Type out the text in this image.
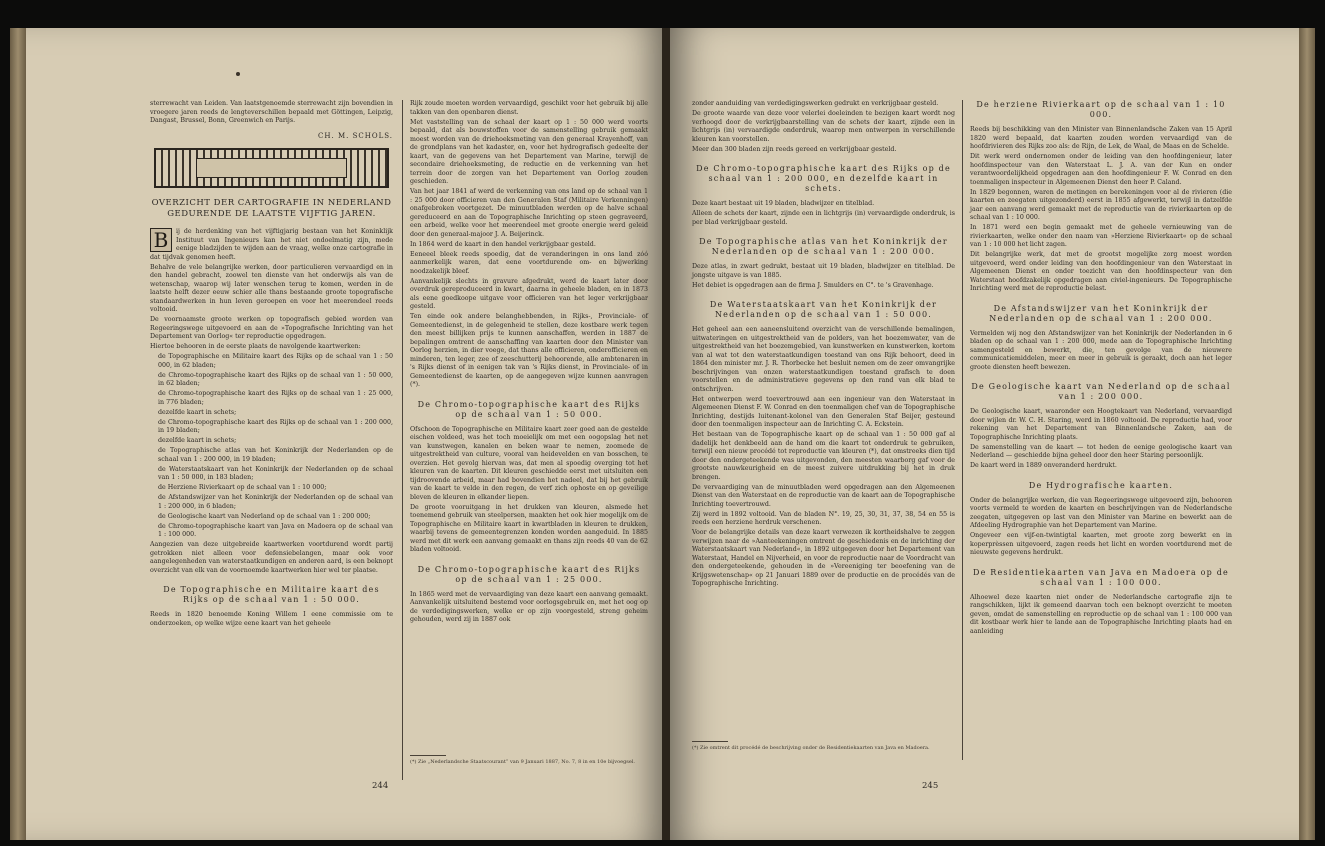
sterrewacht van Leiden. Van laatstgenoemde sterrewacht zijn bovendien in vroegere jaren reeds de lengteverschillen bepaald met Göttingen, Leipzig, Dangast, Brussel, Bonn, Greenwich en Parijs.

CH. M. SCHOLS.
OVERZICHT DER CARTOGRAFIE IN NEDERLAND GEDURENDE DE LAATSTE VIJFTIG JAREN.
B	ij de herdenking van het vijftigjarig bestaan van het Koninklijk Instituut van Ingenieurs kan het niet ondoelmatig zijn, mede eenige bladzijden te wijden aan de vraag, welke onze cartografie in dat tijdvak genomen heeft.

Behalve de vele belangrijke werken, door particulieren vervaardigd en in den handel gebracht, zoowel ten dienste van het onderwijs als van de wetenschap, waarop wij later wenschen terug te komen, werden in de laatste helft dezer eeuw schier alle thans bestaande groote topografische standaardwerken in hun leven geroepen en voor het meerendeel reeds voltooid.

De voornaamste groote werken op topografisch gebied worden van Regeeringswege uitgevoerd en aan de »Topografische Inrichting van het Departement van Oorlog« ter reproductie opgedragen.

Hiertoe behooren in de eerste plaats de navolgende kaartwerken:

de Topographische en Militaire kaart des Rijks op de schaal van 1 : 50 000, in 62 bladen;

de Chromo-topographische kaart des Rijks op de schaal van 1 : 50 000, in 62 bladen;

de Chromo-topographische kaart des Rijks op de schaal van 1 : 25 000, in 776 bladen;

dezelfde kaart in schets;

de Chromo-topographische kaart des Rijks op de schaal van 1 : 200 000, in 19 bladen;

dezelfde kaart in schets;

de Topographische atlas van het Koninkrijk der Nederlanden op de schaal van 1 : 200 000, in 19 bladen;

de Waterstaatskaart van het Koninkrijk der Nederlanden op de schaal van 1 : 50 000, in 183 bladen;

de Herziene Rivierkaart op de schaal van 1 : 10 000;

de Afstandswijzer van het Koninkrijk der Nederlanden op de schaal van 1 : 200 000, in 6 bladen;

de Geologische kaart van Nederland op de schaal van 1 : 200 000;

de Chromo-topographische kaart van Java en Madoera op de schaal van 1 : 100 000.

Aangezien van deze uitgebreide kaartwerken voortdurend wordt partij getrokken niet alleen voor defensiebelangen, maar ook voor aangelegenheden van waterstaatkundigen en anderen aard, is een beknopt overzicht van elk van de voornoemde kaartwerken hier wel ter plaatse.

De Topographische en Militaire kaart des Rijks op de schaal van 1 : 50 000.

Reeds in 1820 benoemde Koning Willem I eene commissie om te onderzoeken, op welke wijze eene kaart van het geheele

Rijk zoude moeten worden vervaardigd, geschikt voor het gebruik bij alle takken van den openbaren dienst.

Met vaststelling van de schaal der kaart op 1 : 50 000 werd voorts bepaald, dat als bouwstoffen voor de samenstelling gebruik gemaakt moest worden van de driehoeksmeting van den generaal Krayenhoff, van de grondplans van het kadaster, en, voor het hydrografisch gedeelte der kaart, van de gegevens van het Departement van Marine, terwijl de secondaire driehoeksmeting, de reductie en de verkenning van het terrein door de zorgen van het Departement van Oorlog zouden geschieden.

Van het jaar 1841 af werd de verkenning van ons land op de schaal van 1 : 25 000 door officieren van den Generalen Staf (Militaire Verkenningen) onafgebroken voortgezet. De minuutbladen werden op de halve schaal gereduceerd en aan de Topographische Inrichting op steen gegraveerd, een arbeid, welke voor het meerendeel met groote energie werd geleid door den generaal-majoor J. A. Beijerinck.

In 1864 werd de kaart in den handel verkrijgbaar gesteld.

Eeneeel bleek reeds spoedig, dat de veranderingen in ons land zóó aanmerkelijk waren, dat eene voortdurende om- en bijwerking noodzakelijk bleef.

Aanvankelijk slechts in gravure afgedrukt, werd de kaart later door overdruk gereproduceerd in kwart, daarna in geheele bladen, en in 1873 als eene goedkoope uitgave voor officieren van het leger verkrijgbaar gesteld.

Ten einde ook andere belanghebbenden, in Rijks-, Provinciale- of Gemeentedienst, in de gelegenheid te stellen, deze kostbare werk tegen den meest billijken prijs te kunnen aanschaffen, werden in 1887 de bepalingen omtrent de aanschaffing van kaarten door den Minister van Oorlog herzien, in dier voege, dat thans alle officieren, onderofficieren en minderen, ten leger, zee of zeeschutterij behoorende, alle ambtenaren in 's Rijks dienst of in eenigen tak van 's Rijks dienst, in Provinciale- of in Gemeentedienst de kaarten, op de aangegeven wijze kunnen aanvragen (*).

De Chromo-topographische kaart des Rijks op de schaal van 1 : 50 000.

Ofschoon de Topographische en Militaire kaart zeer goed aan de gestelde eischen voldeed, was het toch moeielijk om met een oogopslag het net van kunstwegen, kanalen en beken waar te nemen, zoomede de uitgestrektheid van culture, vooral van heidevelden en van bosschen, te overzien. Het gevolg hiervan was, dat men al spoedig overging tot het kleuren van de kaarten. Dit kleuren geschiedde eerst met uitsluiten een tijdroovende arbeid, maar had bovendien het nadeel, dat bij het gebruik van de kaart te velde in den regen, de verf zich ophoste en op geveilige bleven de kleuren in elkander liepen.

De groote vooruitgang in het drukken van kleuren, alsmede het toenemend gebruik van steelpersen, maakten het ook hier mogelijk om de Topographische en Militaire kaart in kwartbladen in kleuren te drukken, waarbij tevens de gemeentegrenzen konden worden aangeduid. In 1885 werd met dit werk een aanvang gemaakt en thans zijn reeds 40 van de 62 bladen voltooid.

De Chromo-topographische kaart des Rijks op de schaal van 1 : 25 000.

In 1865 werd met de vervaardiging van deze kaart een aanvang gemaakt. Aanvankelijk uitsluitend bestemd voor oorlogsgebruik en, met het oog op de verdedigingswerken, welke er op zijn voorgesteld, streng geheim gehouden, werd zij in 1887 ook

(*) Zie „Nederlandsche Staatscourant” van 9 Januari 1887, No. 7, 8 in en 10e bijvoegsel.
244

zonder aanduiding van verdedigingswerken gedrukt en verkrijgbaar gesteld.

De groote waarde van deze voor velerlei doeleinden te bezigen kaart wordt nog verhoogd door de verkrijgbaarstelling van de schets der kaart, zijnde een in lichtgrijs (in) vervaardigde onderdruk, waarop men ontwerpen in verschillende kleuren kan voorstellen.

Meer dan 300 bladen zijn reeds gereed en verkrijgbaar gesteld.

De Chromo-topographische kaart des Rijks op de schaal van 1 : 200 000, en dezelfde kaart in schets.

Deze kaart bestaat uit 19 bladen, bladwijzer en titelblad.

Alleen de schets der kaart, zijnde een in lichtgrijs (in) vervaardigde onderdruk, is per blad verkrijgbaar gesteld.

De Topographische atlas van het Koninkrijk der Nederlanden op de schaal van 1 : 200 000.

Deze atlas, in zwart gedrukt, bestaat uit 19 bladen, bladwijzer en titelblad. De jongste uitgave is van 1885.

Het debiet is opgedragen aan de firma J. Smulders en C°. te 's Gravenhage.

De Waterstaatskaart van het Koninkrijk der Nederlanden op de schaal van 1 : 50 000.

Het geheel aan een aaneensluitend overzicht van de verschillende bemalingen, uitwateringen en uitgestrektheid van de polders, van het boezemwater, van de uitgestrektheid van het boezemgebied, van kunstwerken en kunstwerken, kortom van al wat tot den waterstaatkundigen toestand van ons Rijk behoort, deed in 1864 den minister mr. J. R. Thorbecke het besluit nemen om de zeer omvangrijke beschrijvingen van onzen waterstaatkundigen toestand grafisch te doen voorstellen en de administratieve gegevens op den rand van elk blad te ontschrijven.

Het ontwerpen werd toevertrouwd aan een ingenieur van den Waterstaat in Algemeenen Dienst F. W. Conrad en den toenmaligen chef van de Topographische Inrichting, destijds luitenant-kolonel van den Generalen Staf Beijer, gesteund door den toenmaligen inspecteur aan de Inrichting C. A. Eckstein.

Het bestaan van de Topographische kaart op de schaal van 1 : 50 000 gaf al dadelijk het denkbeeld aan de hand om die kaart tot onderdruk te gebruiken, terwijl een nieuw procédé tot reproductie van kleuren (*), dat omstreeks dien tijd door den ondergeteekende was uitgevonden, den meesten waarborg gaf voor de grootste nauwkeurigheid en de meest zuivere uitdrukking bij het in druk brengen.

De vervaardiging van de minuutbladen werd opgedragen aan den Algemeenen Dienst van den Waterstaat en de reproductie van de kaart aan de Topographische Inrichting toevertrouwd.

Zij werd in 1892 voltooid. Van de bladen N°. 19, 25, 30, 31, 37, 38, 54 en 55 is reeds een herziene herdruk verschenen.

Voor de belangrijke details van deze kaart verwezen ik kortheidshalve te zeggen verwijzen naar de »Aanteekeningen omtrent de geschiedenis en de inrichting der Waterstaatskaart van Nederland«, in 1892 uitgegeven door het Departement van Waterstaat, Handel en Nijverheid, en voor de reproductie naar de Voordracht van den ondergeteekende, gehouden in de »Vereeniging ter beoefening van de Krijgswetenschap« op 21 Januari 1889 over de productie en de procédés van de Topographische Inrichting.

De herziene Rivierkaart op de schaal van 1 : 10 000.

Reeds bij beschikking van den Minister van Binnenlandsche Zaken van 15 April 1820 werd bepaald, dat kaarten zouden worden vervaardigd van de hoofdrivieren des Rijks zoo als: de Rijn, de Lek, de Waal, de Maas en de Schelde.

Dit werk werd ondernomen onder de leiding van den hoofdingenieur, later hoofdinspecteur van den Waterstaat L. J. A. van der Kun en onder verantwoordelijkheid opgedragen aan den hoofdingenieur F. W. Conrad en den toenmaligen inspecteur in Algemeenen Dienst den heer P. Caland.

In 1829 begonnen, waren de metingen en berekeningen voor al de rivieren (die kaarten en zeegaten uitgezonderd) eerst in 1855 afgewerkt, terwijl in datzelfde jaar een aanvang werd gemaakt met de reproductie van de rivierkaarten op de schaal van 1 : 10 000.

In 1871 werd een begin gemaakt met de geheele vernieuwing van de rivierkaarten, welke onder den naam van »Herziene Rivierkaart« op de schaal van 1 : 10 000 het licht zagen.

Dit belangrijke werk, dat met de grootst mogelijke zorg moest worden uitgevoerd, werd onder leiding van den hoofdingenieur van den Waterstaat in Algemeenen Dienst en onder toezicht van den hoofdinspecteur van den Waterstaat hoofdzakelijk opgedragen aan civiel-ingenieurs. De Topographische Inrichting werd met de reproductie belast.

De Afstandswijzer van het Koninkrijk der Nederlanden op de schaal van 1 : 200 000.

Vermelden wij nog den Afstandswijzer van het Koninkrijk der Nederlanden in 6 bladen op de schaal van 1 : 200 000, mede aan de Topographische Inrichting samengesteld en bewerkt, die, ten gevolge van de nieuwere communicatiemiddelen, meer en meer in gebruik is geraakt, doch aan het leger groote diensten heeft bewezen.

De Geologische kaart van Nederland op de schaal van 1 : 200 000.

De Geologische kaart, waaronder een Hoogtekaart van Nederland, vervaardigd door wijlen dr. W. C. H. Staring, werd in 1860 voltooid. De reproductie had, voor rekening van het Departement van Binnenlandsche Zaken, aan de Topographische Inrichting plaats.

De samenstelling van de kaart — tot heden de eenige geologische kaart van Nederland — geschiedde bijna geheel door den heer Staring persoonlijk.

De kaart werd in 1889 onveranderd herdrukt.

De Hydrografische kaarten.

Onder de belangrijke werken, die van Regeeringswege uitgevoerd zijn, behooren voorts vermeld te worden de kaarten en beschrijvingen van de Nederlandsche zeegaten, uitgegeven op last van den Minister van Marine en bewerkt aan de Afdeeling Hydrographie van het Departement van Marine.

Ongeveer een vijf-en-twintigtal kaarten, met groote zorg bewerkt en in koperprèssen uitgevoerd, zagen reeds het licht en worden voortdurend met de nieuwste gegevens herdrukt.

De Residentiekaarten van Java en Madoera op de schaal van 1 : 100 000.

Alhoewel deze kaarten niet onder de Nederlandsche cartografie zijn te rangschikken, lijkt ik gemeend daarvan toch een beknopt overzicht te moeten geven, omdat de samenstelling en reproductie op de schaal van 1 : 100 000 van dit kostbaar werk hier te lande aan de Topographische Inrichting plaats had en aanleiding

(*) Zie omtrent dit procédé de beschrijving onder de Residentiekaarten van Java en Madoera.
245
